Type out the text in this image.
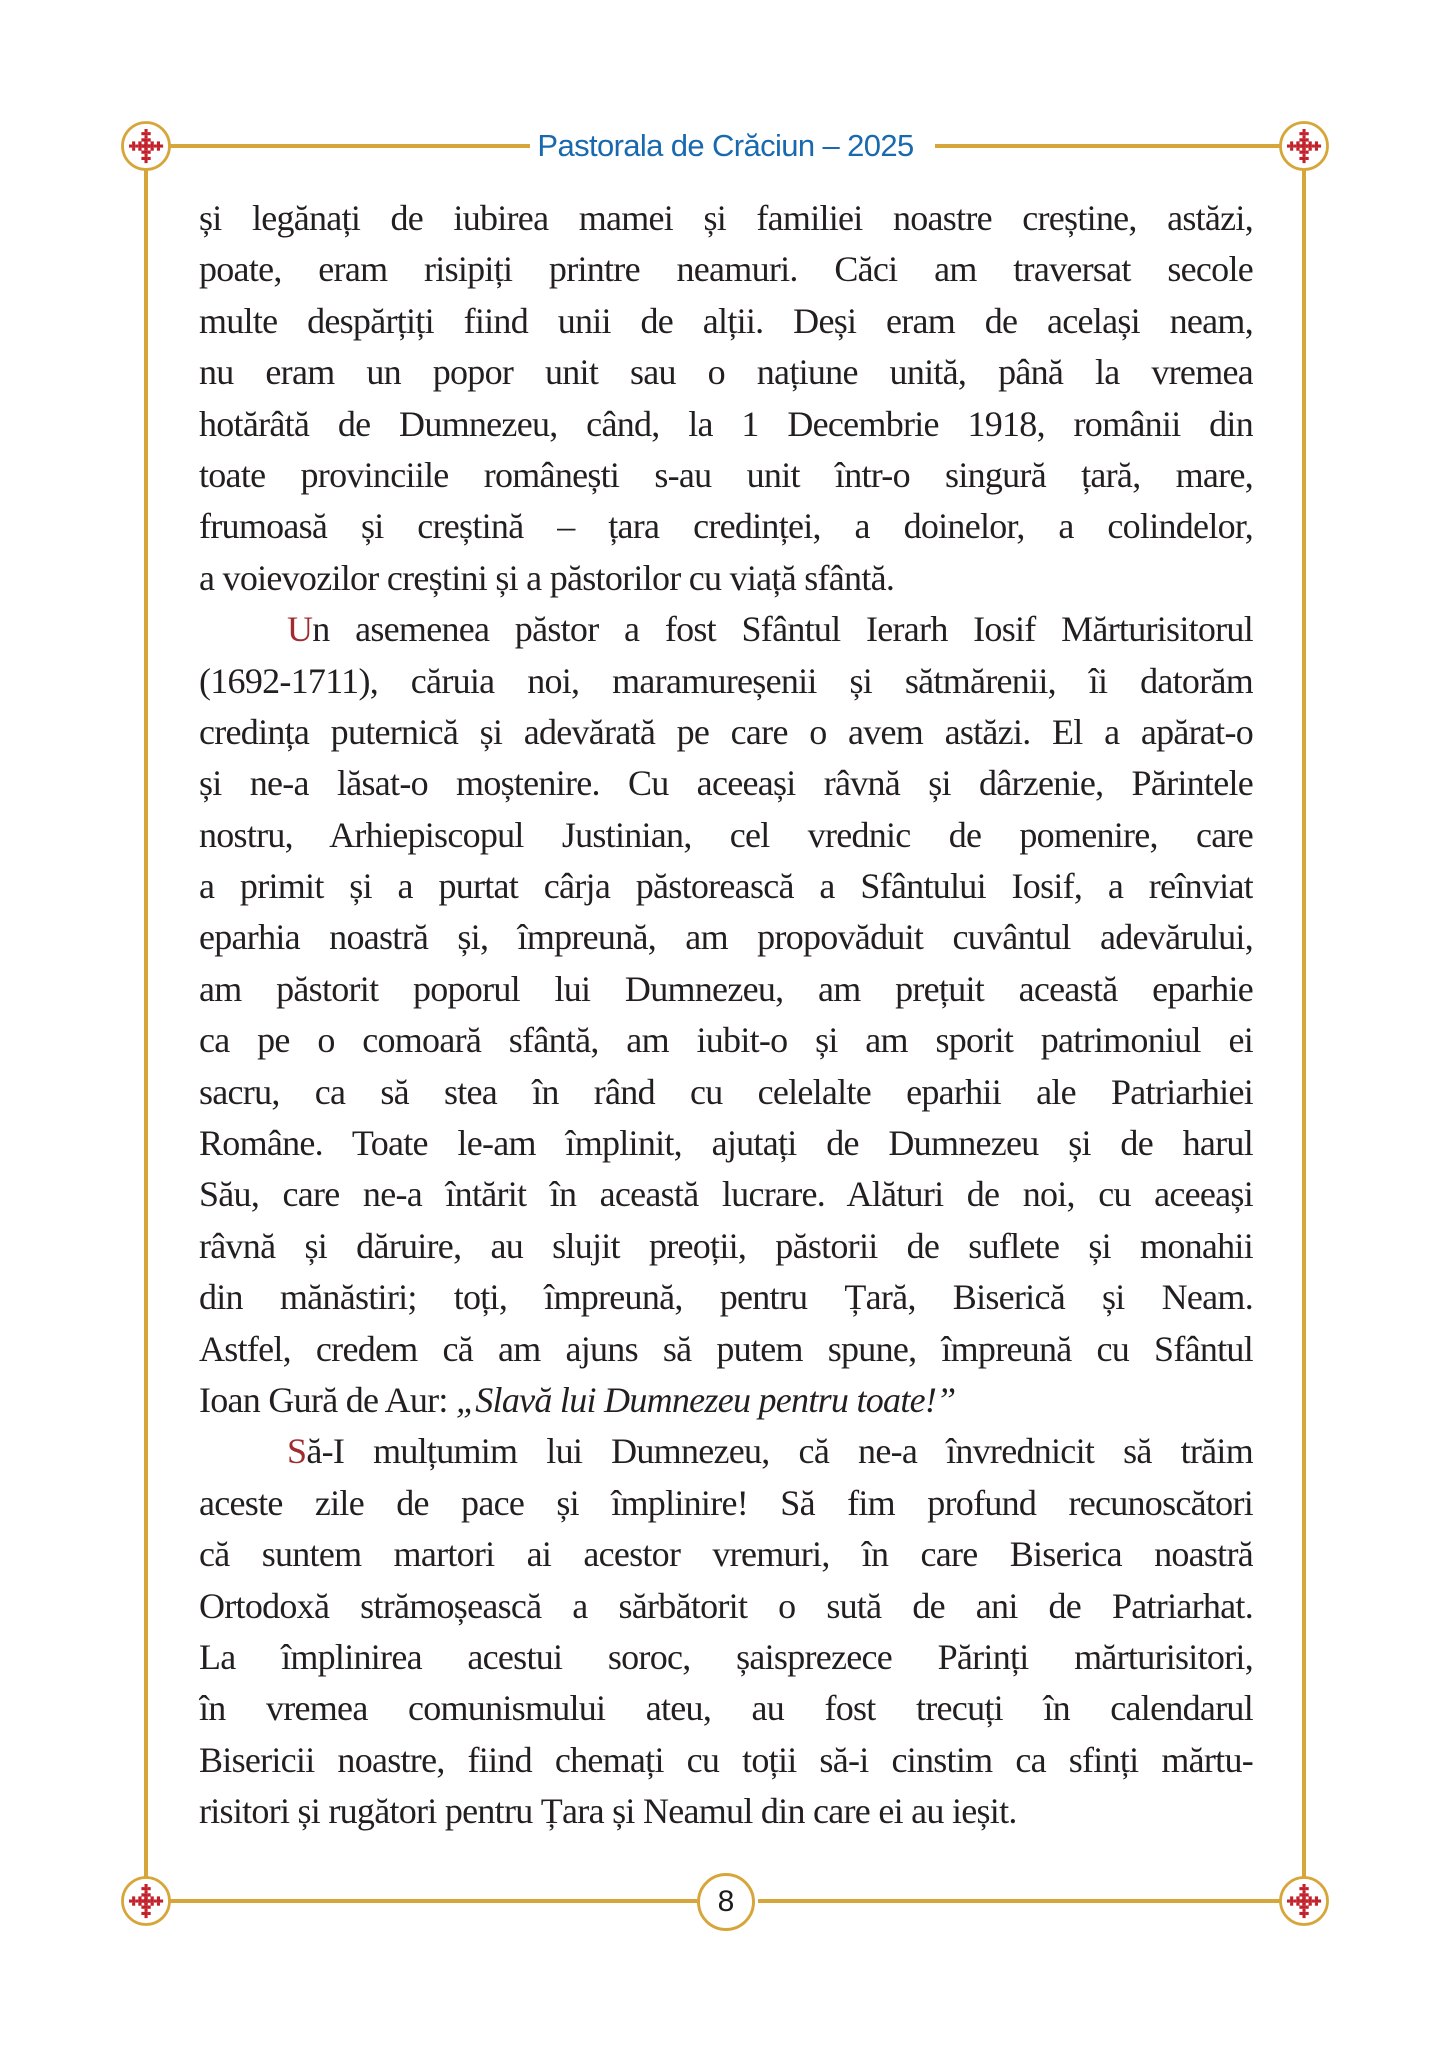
Pastorala de Crăciun – 2025
și legănați de iubirea mamei și familiei noastre creștine, astăzi,
poate, eram risipiți printre neamuri. Căci am traversat secole
multe despărțiți fiind unii de alții. Deși eram de același neam,
nu eram un popor unit sau o națiune unită, până la vremea
hotărâtă de Dumnezeu, când, la 1 Decembrie 1918, românii din
toate provinciile românești s-au unit într-o singură țară, mare,
frumoasă și creștină – țara credinței, a doinelor, a colindelor,
a voievozilor creștini și a păstorilor cu viață sfântă.
Un asemenea păstor a fost Sfântul Ierarh Iosif Mărturisitorul
(1692-1711), căruia noi, maramureșenii și sătmărenii, îi datorăm
credința puternică și adevărată pe care o avem astăzi. El a apărat-o
și ne-a lăsat-o moștenire. Cu aceeași râvnă și dârzenie, Părintele
nostru, Arhiepiscopul Justinian, cel vrednic de pomenire, care
a primit și a purtat cârja păstorească a Sfântului Iosif, a reînviat
eparhia noastră și, împreună, am propovăduit cuvântul adevărului,
am păstorit poporul lui Dumnezeu, am prețuit această eparhie
ca pe o comoară sfântă, am iubit-o și am sporit patrimoniul ei
sacru, ca să stea în rând cu celelalte eparhii ale Patriarhiei
Române. Toate le-am împlinit, ajutați de Dumnezeu și de harul
Său, care ne-a întărit în această lucrare. Alături de noi, cu aceeași
râvnă și dăruire, au slujit preoții, păstorii de suflete și monahii
din mănăstiri; toți, împreună, pentru Țară, Biserică și Neam.
Astfel, credem că am ajuns să putem spune, împreună cu Sfântul
Ioan Gură de Aur: „Slavă lui Dumnezeu pentru toate!”
Să-I mulțumim lui Dumnezeu, că ne-a învrednicit să trăim
aceste zile de pace și împlinire! Să fim profund recunoscători
că suntem martori ai acestor vremuri, în care Biserica noastră
Ortodoxă strămoșească a sărbătorit o sută de ani de Patriarhat.
La împlinirea acestui soroc, șaisprezece Părinți mărturisitori,
în vremea comunismului ateu, au fost trecuți în calendarul
Bisericii noastre, fiind chemați cu toții să-i cinstim ca sfinți mărtu-
risitori și rugători pentru Țara și Neamul din care ei au ieșit.
8
